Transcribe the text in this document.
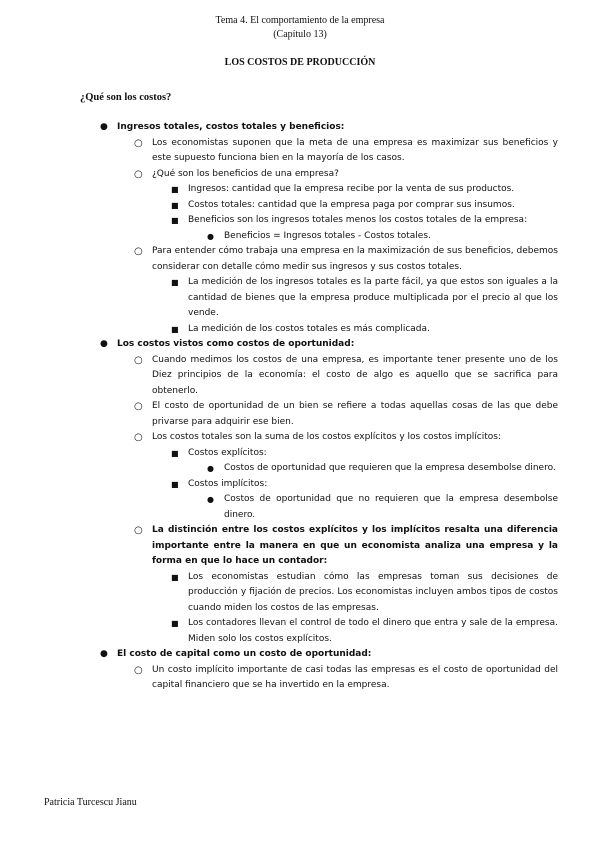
Tema 4. El comportamiento de la empresa
(Capítulo 13)
LOS COSTOS DE PRODUCCIÓN
¿Qué son los costos?
● Ingresos totales, costos totales y beneficios:
○ Los economistas suponen que la meta de una empresa es maximizar sus beneficios y este supuesto funciona bien en la mayoría de los casos.
○ ¿Qué son los beneficios de una empresa?
■ Ingresos: cantidad que la empresa recibe por la venta de sus productos.
■ Costos totales: cantidad que la empresa paga por comprar sus insumos.
■ Beneficios son los ingresos totales menos los costos totales de la empresa:
● Beneficios = Ingresos totales - Costos totales.
○ Para entender cómo trabaja una empresa en la maximización de sus beneficios, debemos considerar con detalle cómo medir sus ingresos y sus costos totales.
■ La medición de los ingresos totales es la parte fácil, ya que estos son iguales a la cantidad de bienes que la empresa produce multiplicada por el precio al que los vende.
■ La medición de los costos totales es más complicada.
● Los costos vistos como costos de oportunidad:
○ Cuando medimos los costos de una empresa, es importante tener presente uno de los Diez principios de la economía: el costo de algo es aquello que se sacrifica para obtenerlo.
○ El costo de oportunidad de un bien se refiere a todas aquellas cosas de las que debe privarse para adquirir ese bien.
○ Los costos totales son la suma de los costos explícitos y los costos implícitos:
■ Costos explícitos:
● Costos de oportunidad que requieren que la empresa desembolse dinero.
■ Costos implícitos:
● Costos de oportunidad que no requieren que la empresa desembolse dinero.
○ La distinción entre los costos explícitos y los implícitos resalta una diferencia importante entre la manera en que un economista analiza una empresa y la forma en que lo hace un contador:
■ Los economistas estudian cómo las empresas toman sus decisiones de producción y fijación de precios. Los economistas incluyen ambos tipos de costos cuando miden los costos de las empresas.
■ Los contadores llevan el control de todo el dinero que entra y sale de la empresa. Miden solo los costos explícitos.
● El costo de capital como un costo de oportunidad:
○ Un costo implícito importante de casi todas las empresas es el costo de oportunidad del capital financiero que se ha invertido en la empresa.
Patricia Turcescu Jianu
